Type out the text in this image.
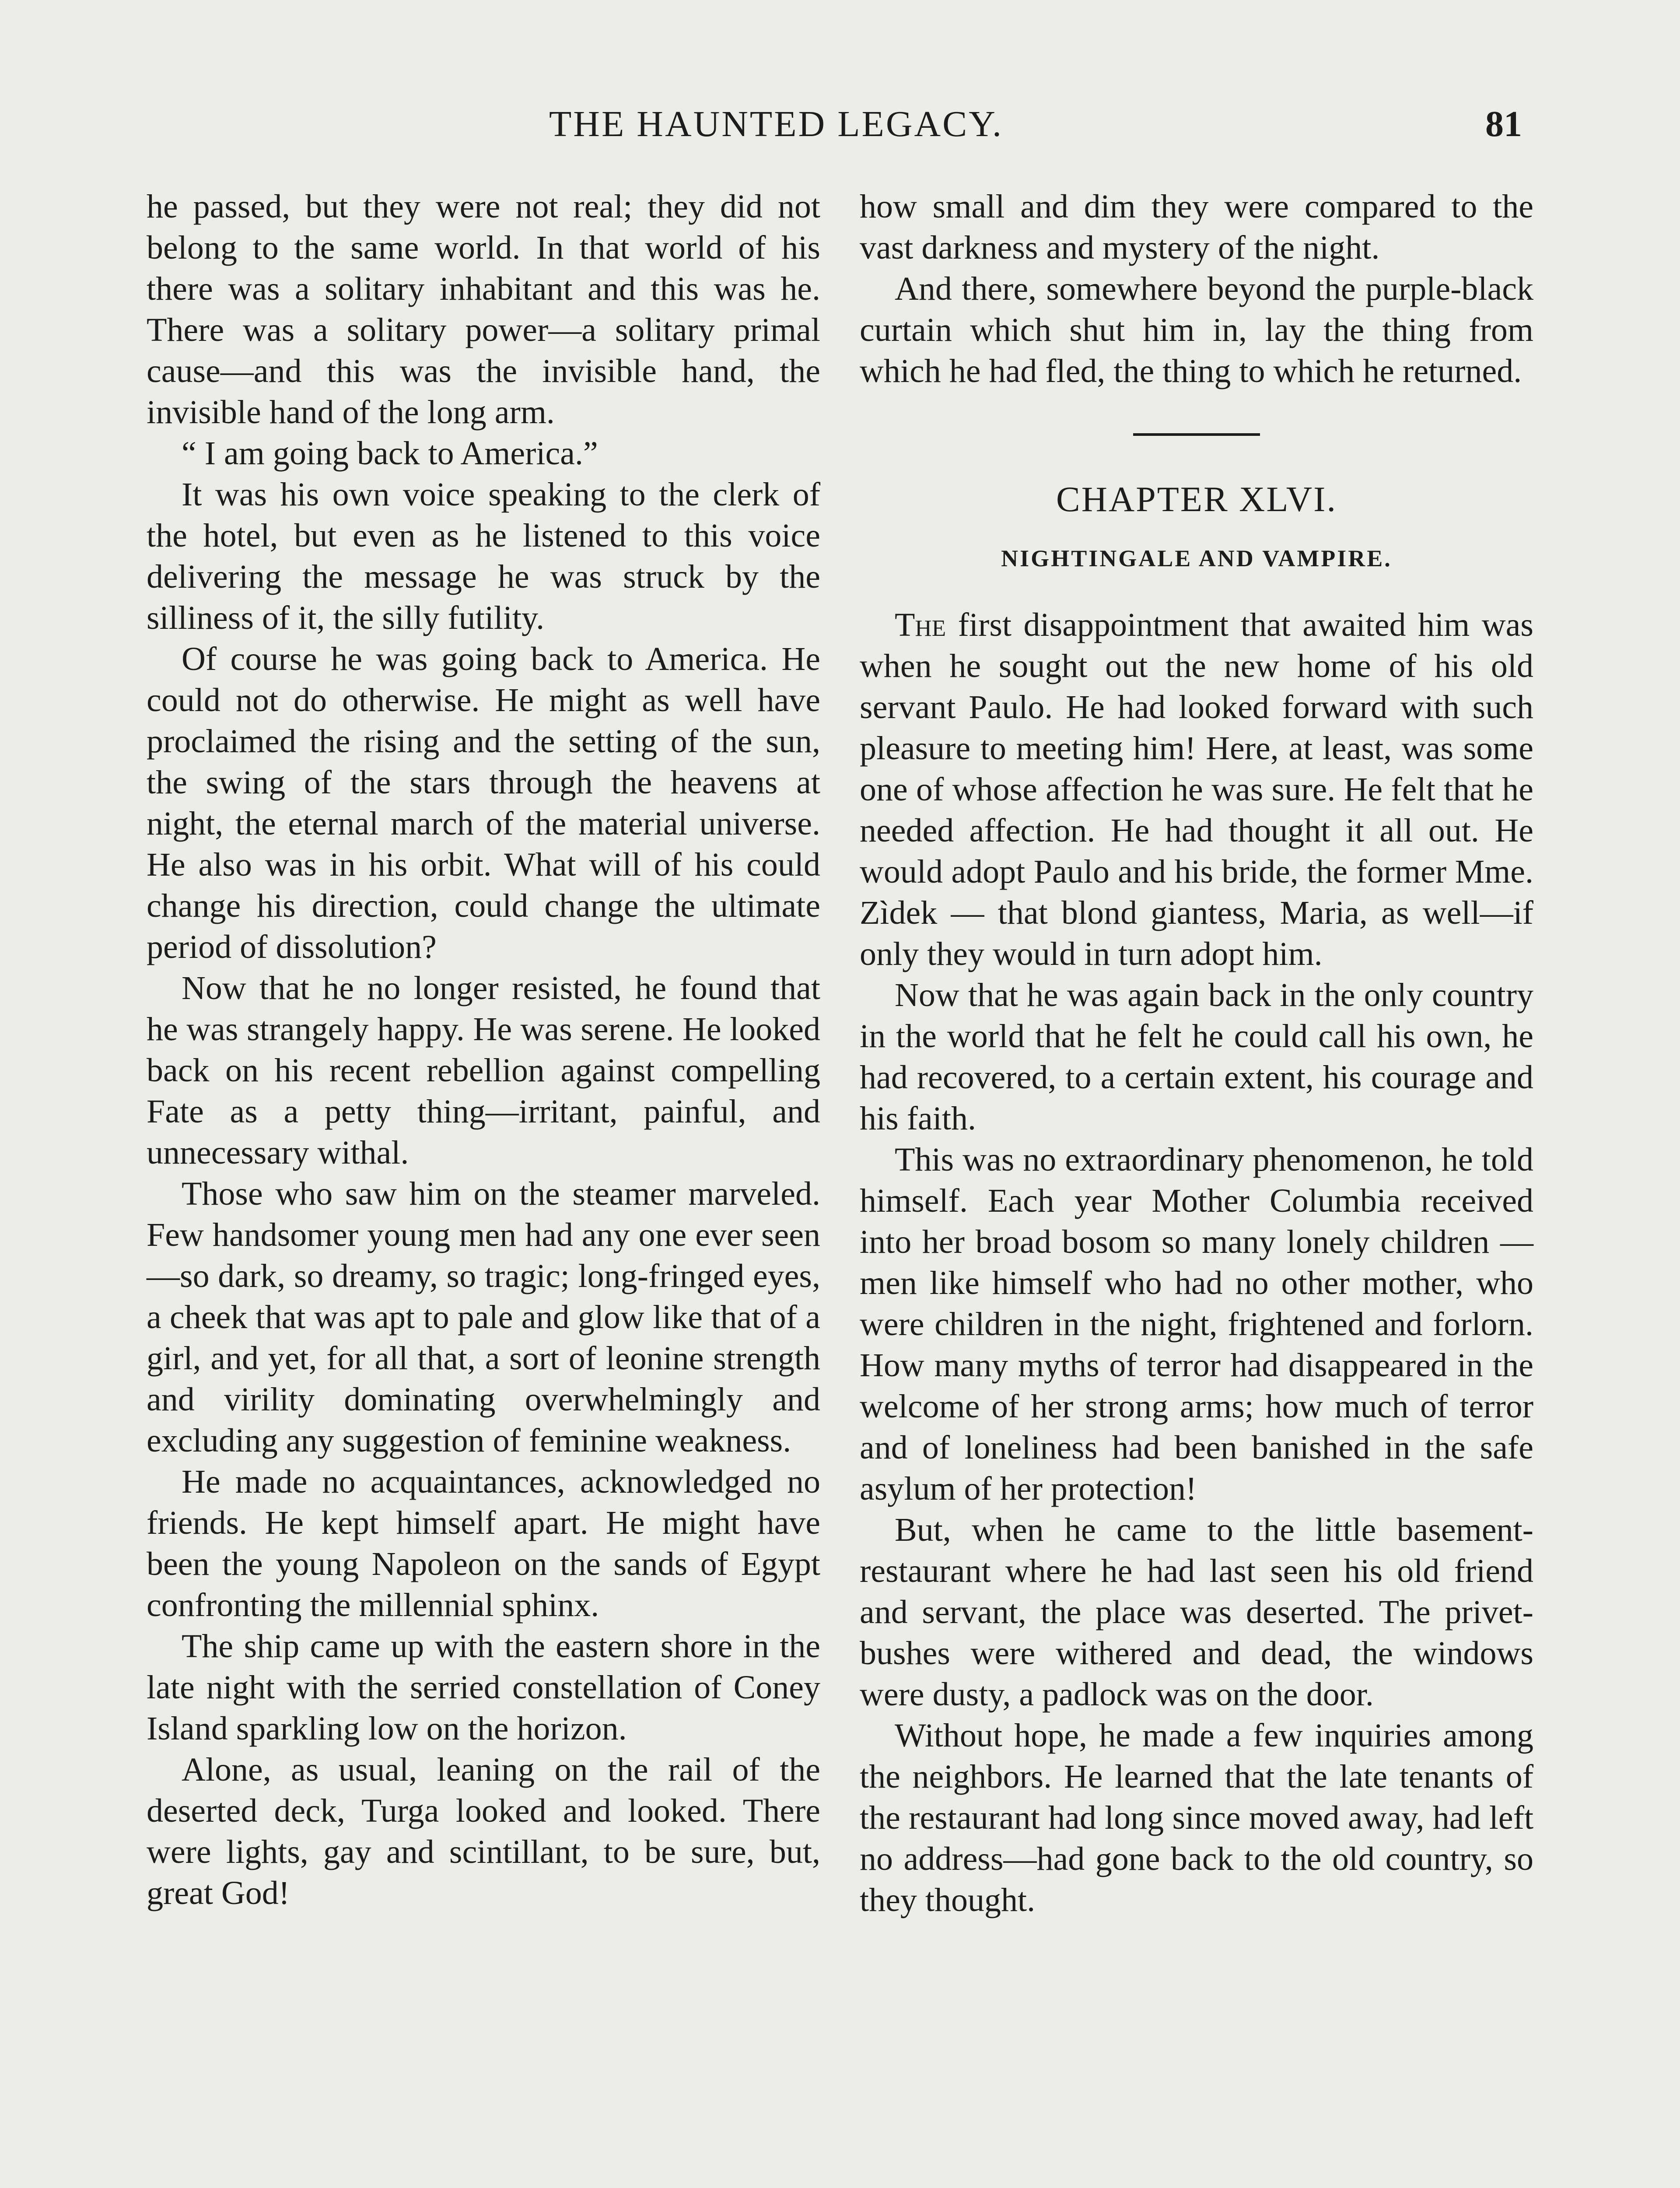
THE HAUNTED LEGACY.	81

he passed, but they were not real; they did not belong to the same world. In that world of his there was a solitary inhabitant and this was he. There was a solitary power—a solitary primal cause—and this was the invisible hand, the invisible hand of the long arm.

“ I am going back to America.”

It was his own voice speaking to the clerk of the hotel, but even as he listened to this voice delivering the message he was struck by the silliness of it, the silly futility.

Of course he was going back to America. He could not do otherwise. He might as well have proclaimed the rising and the setting of the sun, the swing of the stars through the heavens at night, the eternal march of the material universe. He also was in his orbit. What will of his could change his direction, could change the ultimate period of dissolution?

Now that he no longer resisted, he found that he was strangely happy. He was serene. He looked back on his recent rebellion against compelling Fate as a petty thing—irritant, painful, and unnecessary withal.

Those who saw him on the steamer marveled. Few handsomer young men had any one ever seen—so dark, so dreamy, so tragic; long-fringed eyes, a cheek that was apt to pale and glow like that of a girl, and yet, for all that, a sort of leonine strength and virility dominating overwhelmingly and excluding any suggestion of feminine weakness.

He made no acquaintances, acknowledged no friends. He kept himself apart. He might have been the young Napoleon on the sands of Egypt confronting the millennial sphinx.

The ship came up with the eastern shore in the late night with the serried constellation of Coney Island sparkling low on the horizon.

Alone, as usual, leaning on the rail of the deserted deck, Turga looked and looked. There were lights, gay and scintillant, to be sure, but, great God!

how small and dim they were compared to the vast darkness and mystery of the night.

And there, somewhere beyond the purple-black curtain which shut him in, lay the thing from which he had fled, the thing to which he returned.

CHAPTER XLVI.
NIGHTINGALE AND VAMPIRE.

The first disappointment that awaited him was when he sought out the new home of his old servant Paulo. He had looked forward with such pleasure to meeting him! Here, at least, was some one of whose affection he was sure. He felt that he needed affection. He had thought it all out. He would adopt Paulo and his bride, the former Mme. Zìdek — that blond giantess, Maria, as well—if only they would in turn adopt him.

Now that he was again back in the only country in the world that he felt he could call his own, he had recovered, to a certain extent, his courage and his faith.

This was no extraordinary phenomenon, he told himself. Each year Mother Columbia received into her broad bosom so many lonely children —men like himself who had no other mother, who were children in the night, frightened and forlorn. How many myths of terror had disappeared in the welcome of her strong arms; how much of terror and of loneliness had been banished in the safe asylum of her protection!

But, when he came to the little basement-restaurant where he had last seen his old friend and servant, the place was deserted. The privet-bushes were withered and dead, the windows were dusty, a padlock was on the door.

Without hope, he made a few inquiries among the neighbors. He learned that the late tenants of the restaurant had long since moved away, had left no address—had gone back to the old country, so they thought.
